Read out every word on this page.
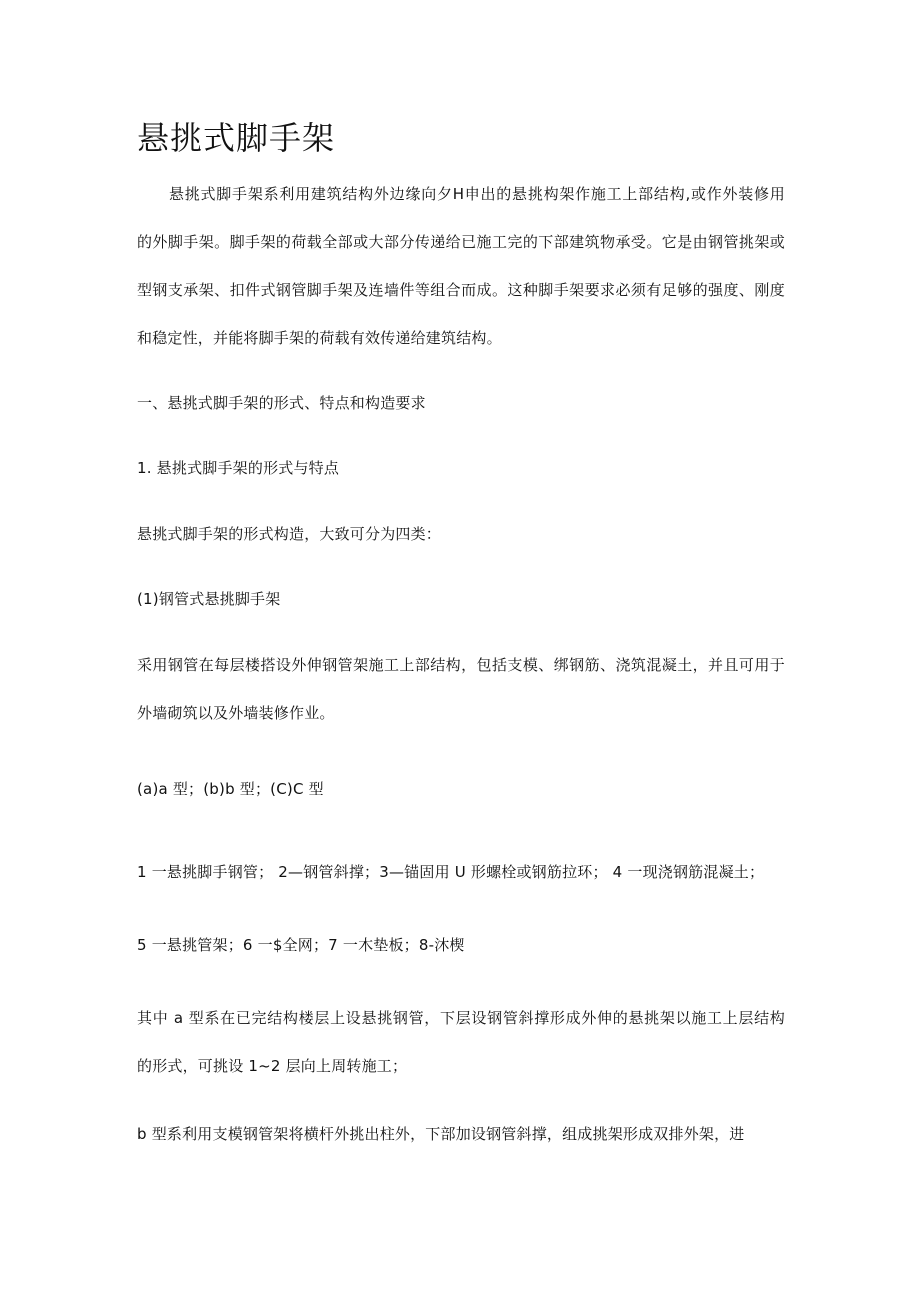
悬挑式脚手架
悬挑式脚手架系利用建筑结构外边缘向夕H申出的悬挑构架作施工上部结构,或作外装修用
的外脚手架。脚手架的荷载全部或大部分传递给已施工完的下部建筑物承受。它是由钢管挑架或
型钢支承架、扣件式钢管脚手架及连墙件等组合而成。这种脚手架要求必须有足够的强度、刚度
和稳定性，并能将脚手架的荷载有效传递给建筑结构。
一、悬挑式脚手架的形式、特点和构造要求
1. 悬挑式脚手架的形式与特点
悬挑式脚手架的形式构造，大致可分为四类：
(1)钢管式悬挑脚手架
采用钢管在每层楼搭设外伸钢管架施工上部结构，包括支模、绑钢筋、浇筑混凝土，并且可用于
外墙砌筑以及外墙装修作业。
(a)a 型；(b)b 型；(C)C 型
1 一悬挑脚手钢管； 2—钢管斜撑；3—锚固用 U 形螺栓或钢筋拉环； 4 一现浇钢筋混凝土；
5 一悬挑管架；6 一$全网；7 一木垫板；8-沐楔
其中 a 型系在已完结构楼层上设悬挑钢管，下层设钢管斜撑形成外伸的悬挑架以施工上层结构
的形式，可挑设 1~2 层向上周转施工；
b 型系利用支模钢管架将横杆外挑出柱外，下部加设钢管斜撑，组成挑架形成双排外架，进
